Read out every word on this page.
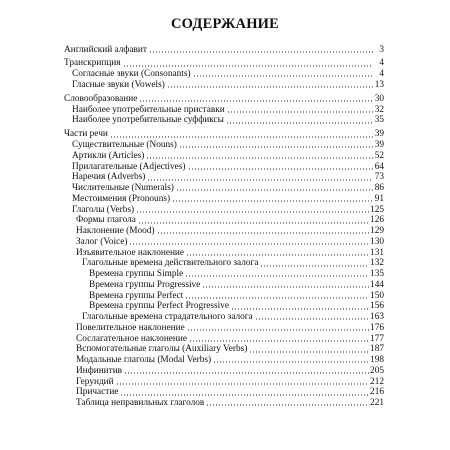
СОДЕРЖАНИЕ
Английский алфавит	3
Транскрипция	4
Согласные звуки (Consonants)	4
Гласные звуки (Vowels)	13
Словообразование	30
Наиболее употребительные приставки	32
Наиболее употребительные суффиксы	35
Части речи	39
Существительные (Nouns)	39
Артикли (Articles)	52
Прилагательные (Adjectives)	64
Наречия (Adverbs)	73
Числительные (Numerals)	86
Местоимения (Pronouns)	91
Глаголы (Verbs)	125
Формы глагола	126
Наклонение (Mood)	129
Залог (Voice)	130
Изъявительное наклонение	131
Глагольные времена действительного залога	132
Времена группы Simple	135
Времена группы Progressive	144
Времена группы Perfect	150
Времена группы Perfect Progressive	156
Глагольные времена страдательного залога	163
Повелительное наклонение	176
Сослагательное наклонение	177
Вспомогательные глаголы (Auxiliary Verbs)	187
Модальные глаголы (Modal Verbs)	198
Инфинитив	205
Герундий	212
Причастие	216
Таблица неправильных глаголов	221
